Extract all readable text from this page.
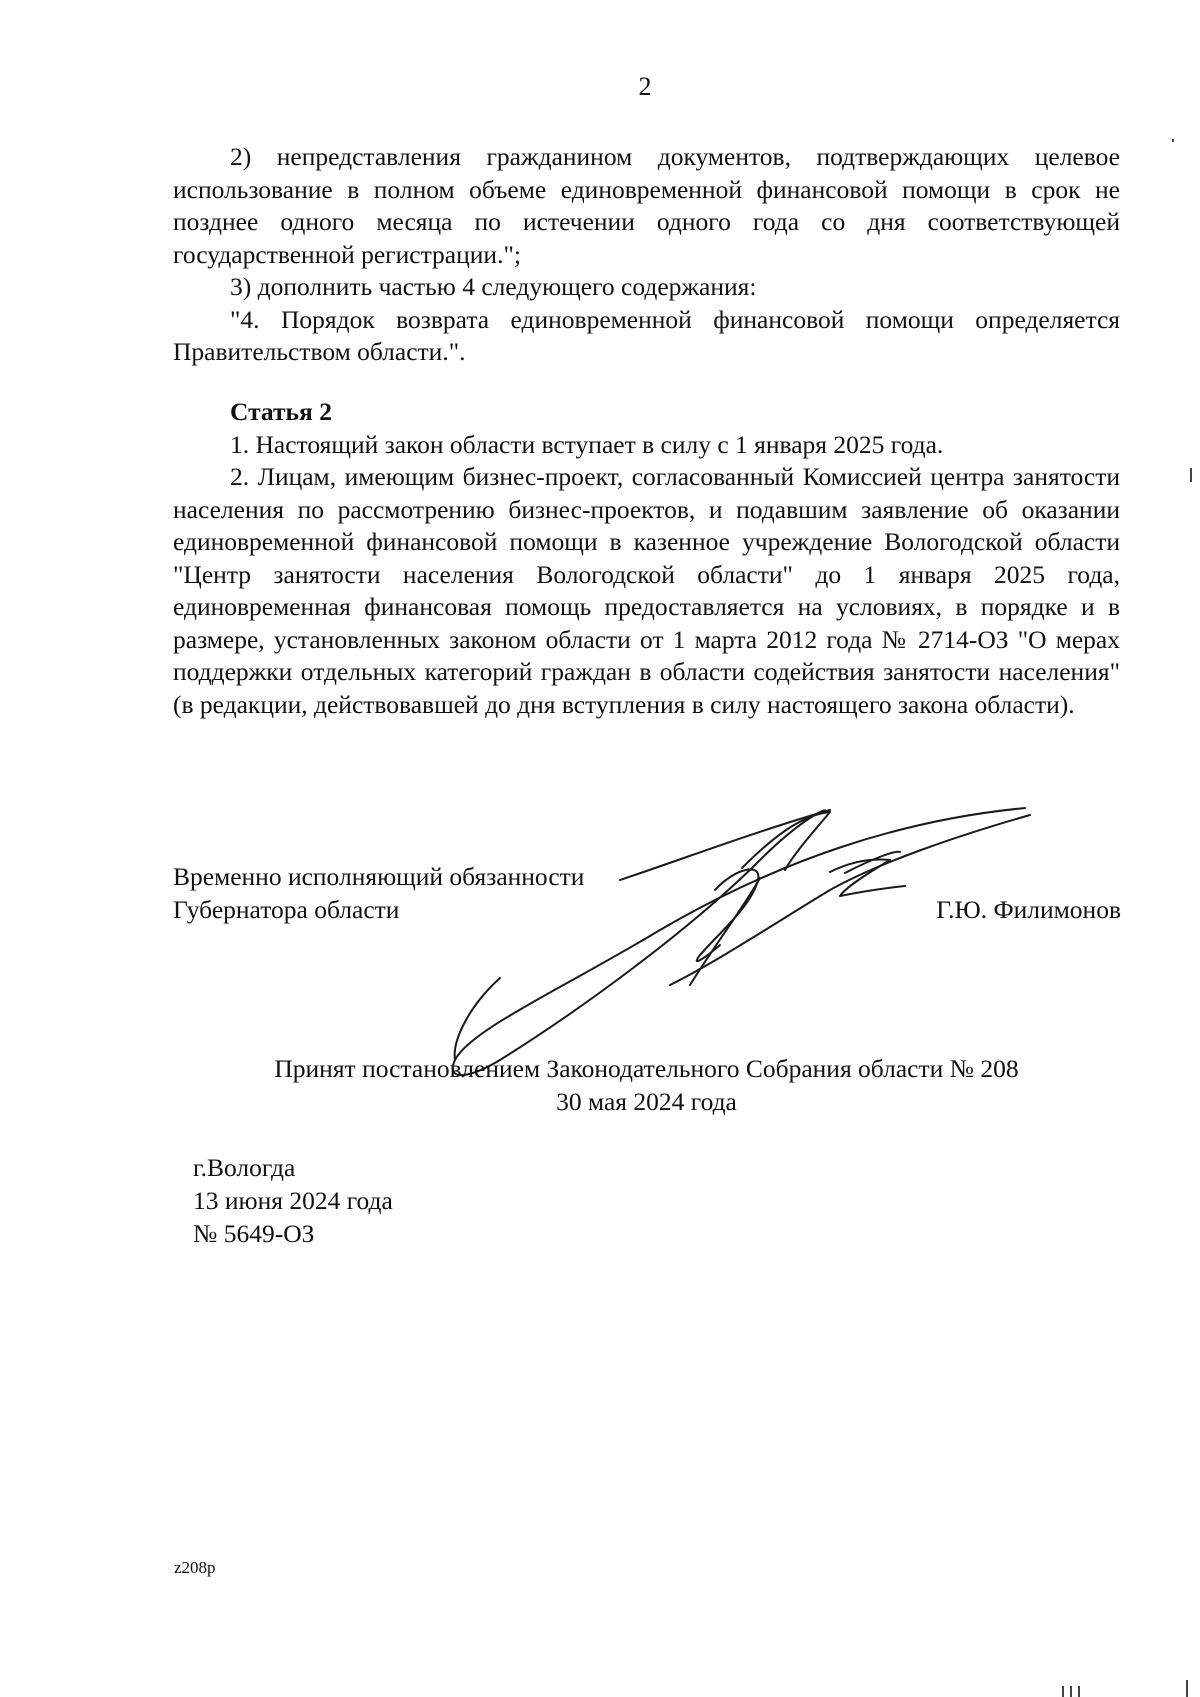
2

2) непредставления гражданином документов, подтверждающих целевое использование в полном объеме единовременной финансовой помощи в срок не позднее одного месяца по истечении одного года со дня соответствующей государственной регистрации.";

3) дополнить частью 4 следующего содержания:

"4. Порядок возврата единовременной финансовой помощи определяется Правительством области.".

Статья 2

1. Настоящий закон области вступает в силу с 1 января 2025 года.

2. Лицам, имеющим бизнес-проект, согласованный Комиссией центра занятости населения по рассмотрению бизнес-проектов, и подавшим заявление об оказании единовременной финансовой помощи в казенное учреждение Вологодской области "Центр занятости населения Вологодской области" до 1 января 2025 года, единовременная финансовая помощь предоставляется на условиях, в порядке и в размере, установленных законом области от 1 марта 2012 года № 2714-ОЗ "О мерах поддержки отдельных категорий граждан в области содействия занятости населения" (в редакции, действовавшей до дня вступления в силу настоящего закона области).

Временно исполняющий обязанности
Губернатора области	Г.Ю. Филимонов
Принят постановлением Законодательного Собрания области № 208
30 мая 2024 года
г.Вологда
13 июня 2024 года
№ 5649-ОЗ
z208р
